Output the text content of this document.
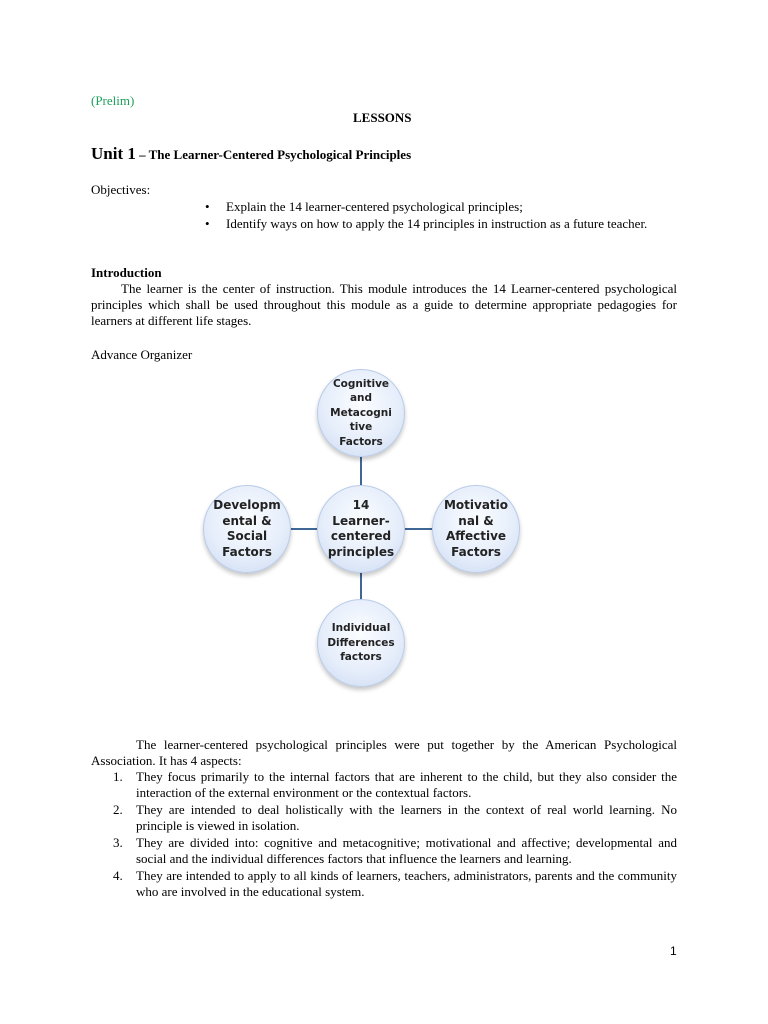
(Prelim)
LESSONS
Unit 1 – The Learner-Centered Psychological Principles
Objectives:
• Explain the 14 learner-centered psychological principles;
• Identify ways on how to apply the 14 principles in instruction as a future teacher.
Introduction
The learner is the center of instruction. This module introduces the 14 Learner-centered psychological principles which shall be used throughout this module as a guide to determine appropriate pedagogies for learners at different life stages.
Advance Organizer
Cognitive
and
Metacogni
tive
Factors
14
Learner-
centered
principles
Developm
ental &
Social
Factors
Motivatio
nal &
Affective
Factors
Individual
Differences
factors
The learner-centered psychological principles were put together by the American Psychological Association. It has 4 aspects:
1. They focus primarily to the internal factors that are inherent to the child, but they also consider the interaction of the external environment or the contextual factors.
2. They are intended to deal holistically with the learners in the context of real world learning. No principle is viewed in isolation.
3. They are divided into: cognitive and metacognitive; motivational and affective; developmental and social and the individual differences factors that influence the learners and learning.
4. They are intended to apply to all kinds of learners, teachers, administrators, parents and the community who are involved in the educational system.
1
